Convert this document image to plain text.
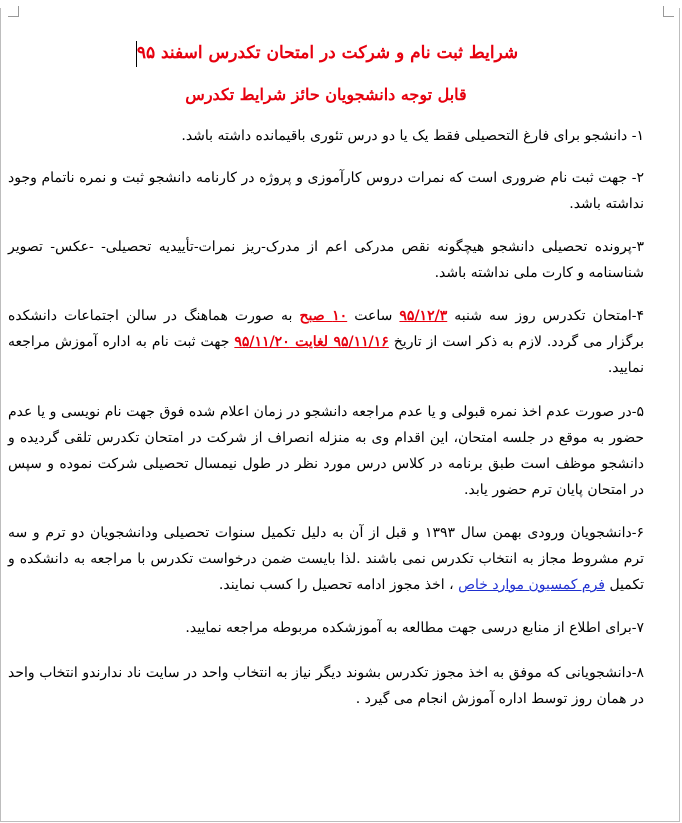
شرایط ثبت نام و شرکت در امتحان تکدرس اسفند ۹۵

قابل توجه دانشجویان حائز شرایط تکدرس

۱- دانشجو برای فارغ التحصیلی فقط یک یا دو درس تئوری باقیمانده داشته باشد.

۲- جهت ثبت نام ضروری است که نمرات دروس کارآموزی و پروژه در کارنامه دانشجو ثبت و نمره ناتمام وجود نداشته باشد.

۳-پرونده تحصیلی دانشجو هیچگونه نقص مدرکی اعم از مدرک-ریز نمرات-تأییدیه تحصیلی- -عکس- تصویر شناسنامه و کارت ملی نداشته باشد.

۴-امتحان تکدرس روز سه شنبه ۹۵/۱۲/۳ ساعت ۱۰ صبح به صورت هماهنگ در سالن اجتماعات دانشکده برگزار می گردد. لازم به ذکر است از تاریخ ۹۵/۱۱/۱۶ لغایت ۹۵/۱۱/۲۰ جهت ثبت نام به اداره آموزش مراجعه نمایید.

۵-در صورت عدم اخذ نمره قبولی و یا عدم مراجعه دانشجو در زمان اعلام شده فوق جهت نام نویسی و یا عدم حضور به موقع در جلسه امتحان، این اقدام وی به منزله انصراف از شرکت در امتحان تکدرس تلقی گردیده و دانشجو موظف است طبق برنامه در کلاس درس مورد نظر در طول نیمسال تحصیلی شرکت نموده و سپس در امتحان پایان ترم حضور یابد.

۶-دانشجویان ورودی بهمن سال ۱۳۹۳ و قبل از آن به دلیل تکمیل سنوات تحصیلی ودانشجویان دو ترم و سه ترم مشروط مجاز به انتخاب تکدرس نمی باشند .لذا بایست ضمن درخواست تکدرس با مراجعه به دانشکده و تکمیل فرم کمسیون موارد خاص ، اخذ مجوز ادامه تحصیل را کسب نمایند.

۷-برای اطلاع از منابع درسی جهت مطالعه به آموزشکده مربوطه مراجعه نمایید.

۸-دانشجویانی که موفق به اخذ مجوز تکدرس بشوند دیگر نیاز به انتخاب واحد در سایت ناد ندارندو انتخاب واحد در همان روز توسط اداره آموزش انجام می گیرد .
